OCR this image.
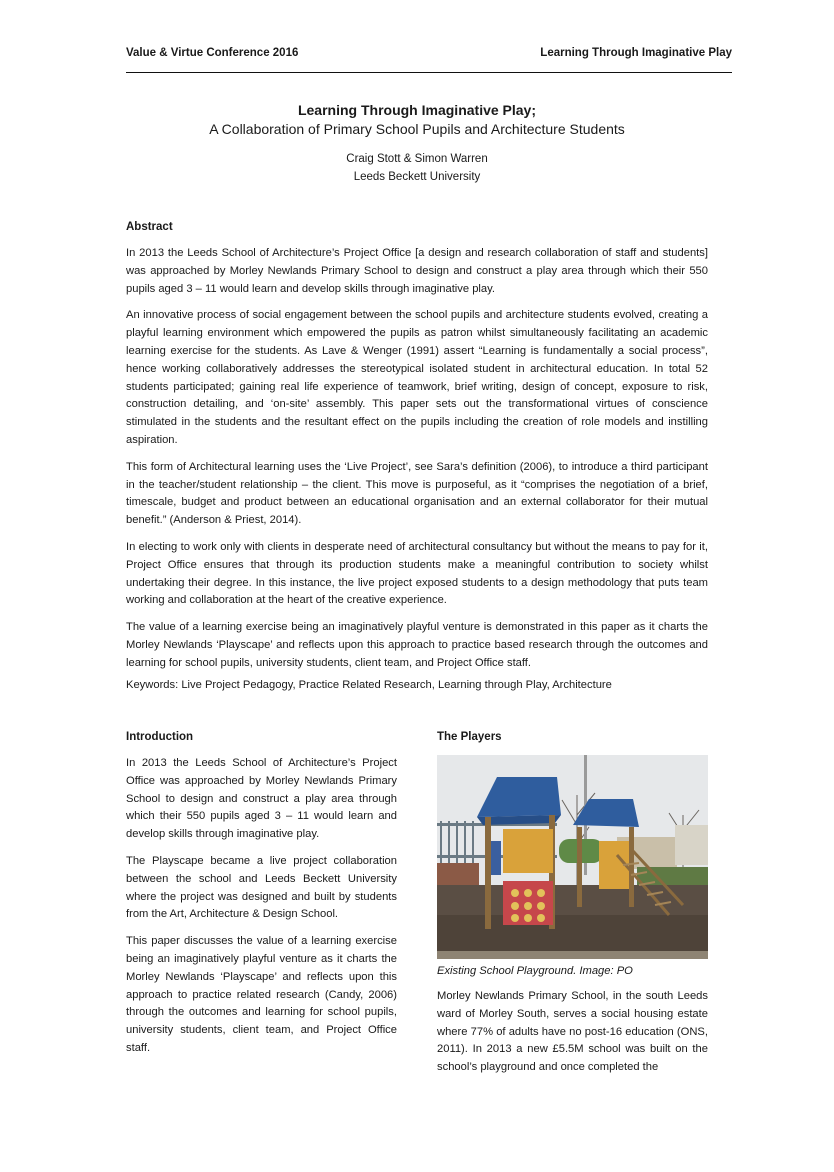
Value & Virtue Conference 2016	Learning Through Imaginative Play
Learning Through Imaginative Play;
A Collaboration of Primary School Pupils and Architecture Students
Craig Stott & Simon Warren
Leeds Beckett University
Abstract

In 2013 the Leeds School of Architecture’s Project Office [a design and research collaboration of staff and students] was approached by Morley Newlands Primary School to design and construct a play area through which their 550 pupils aged 3 – 11 would learn and develop skills through imaginative play.

An innovative process of social engagement between the school pupils and architecture students evolved, creating a playful learning environment which empowered the pupils as patron whilst simultaneously facilitating an academic learning exercise for the students. As Lave & Wenger (1991) assert “Learning is fundamentally a social process”, hence working collaboratively addresses the stereotypical isolated student in architectural education. In total 52 students participated; gaining real life experience of teamwork, brief writing, design of concept, exposure to risk, construction detailing, and ‘on-site’ assembly. This paper sets out the transformational virtues of conscience stimulated in the students and the resultant effect on the pupils including the creation of role models and instilling aspiration.

This form of Architectural learning uses the ‘Live Project’, see Sara’s definition (2006), to introduce a third participant in the teacher/student relationship – the client. This move is purposeful, as it “comprises the negotiation of a brief, timescale, budget and product between an educational organisation and an external collaborator for their mutual benefit.” (Anderson & Priest, 2014).

In electing to work only with clients in desperate need of architectural consultancy but without the means to pay for it, Project Office ensures that through its production students make a meaningful contribution to society whilst undertaking their degree. In this instance, the live project exposed students to a design methodology that puts team working and collaboration at the heart of the creative experience.

The value of a learning exercise being an imaginatively playful venture is demonstrated in this paper as it charts the Morley Newlands ‘Playscape’ and reflects upon this approach to practice based research through the outcomes and learning for school pupils, university students, client team, and Project Office staff.

Keywords: Live Project Pedagogy, Practice Related Research, Learning through Play, Architecture
Introduction

In 2013 the Leeds School of Architecture’s Project Office was approached by Morley Newlands Primary School to design and construct a play area through which their 550 pupils aged 3 – 11 would learn and develop skills through imaginative play.

The Playscape became a live project collaboration between the school and Leeds Beckett University where the project was designed and built by students from the Art, Architecture & Design School.

This paper discusses the value of a learning exercise being an imaginatively playful venture as it charts the Morley Newlands ‘Playscape’ and reflects upon this approach to practice related research (Candy, 2006) through the outcomes and learning for school pupils, university students, client team, and Project Office staff.

The Players
Existing School Playground. Image: PO

Morley Newlands Primary School, in the south Leeds ward of Morley South, serves a social housing estate where 77% of adults have no post-16 education (ONS, 2011). In 2013 a new £5.5M school was built on the school’s playground and once completed the
